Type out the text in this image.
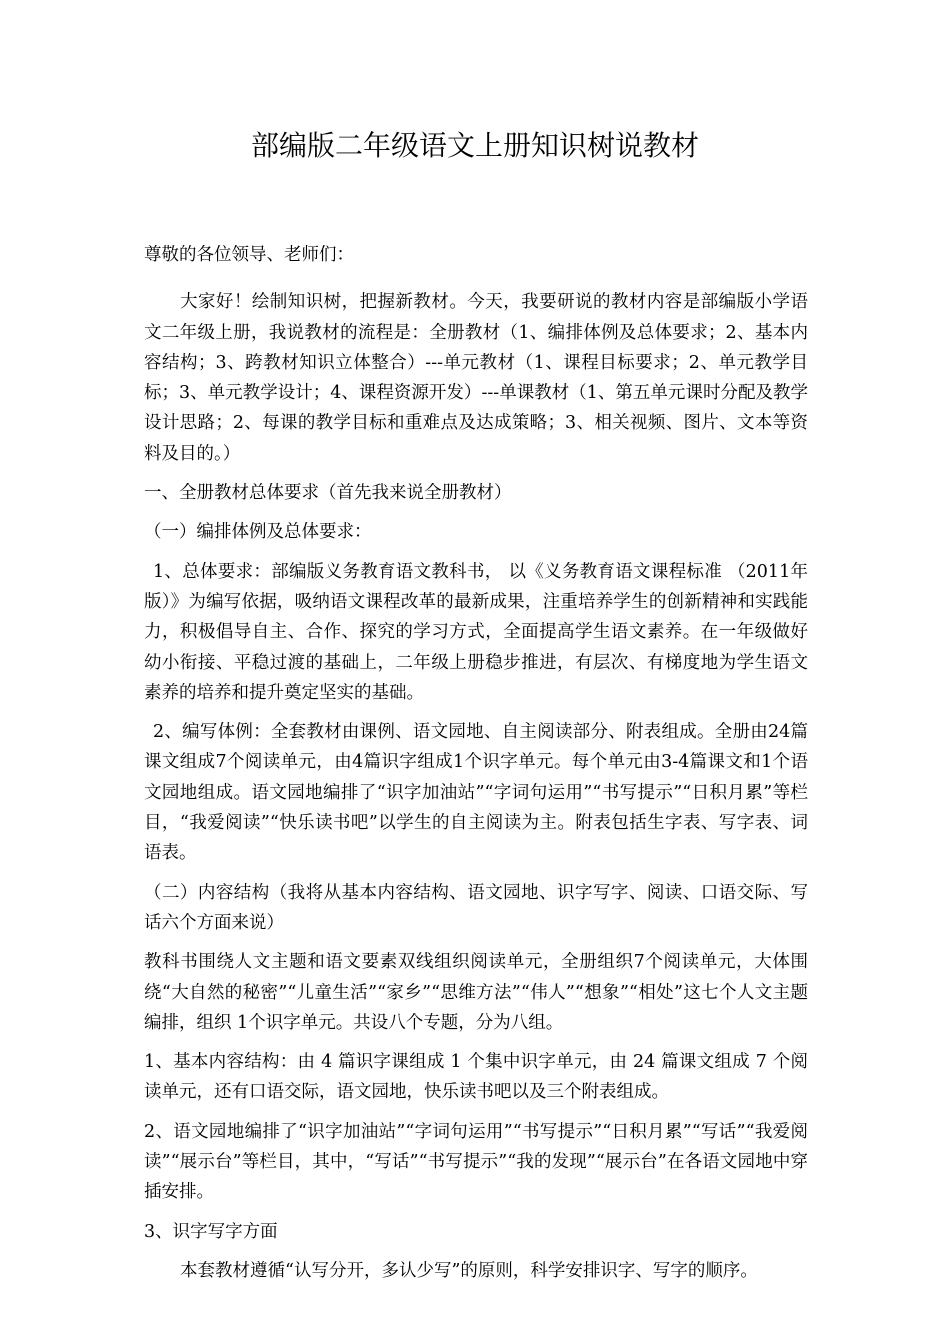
部编版二年级语文上册知识树说教材

尊敬的各位领导、老师们：

大家好！绘制知识树，把握新教材。今天，我要研说的教材内容是部编版小学语文二年级上册，我说教材的流程是：全册教材（1、编排体例及总体要求；2、基本内容结构；3、跨教材知识立体整合）---单元教材（1、课程目标要求；2、单元教学目标；3、单元教学设计；4、课程资源开发）---单课教材（1、第五单元课时分配及教学设计思路；2、每课的教学目标和重难点及达成策略；3、相关视频、图片、文本等资料及目的。）

一、全册教材总体要求（首先我来说全册教材）

（一）编排体例及总体要求：

1、总体要求：部编版义务教育语文教科书， 以《义务教育语文课程标准 （2011年版）》为编写依据，吸纳语文课程改革的最新成果，注重培养学生的创新精神和实践能力，积极倡导自主、合作、探究的学习方式，全面提高学生语文素养。在一年级做好幼小衔接、平稳过渡的基础上，二年级上册稳步推进，有层次、有梯度地为学生语文素养的培养和提升奠定坚实的基础。

2、编写体例：全套教材由课例、语文园地、自主阅读部分、附表组成。全册由24篇课文组成7个阅读单元，由4篇识字组成1个识字单元。每个单元由3-4篇课文和1个语文园地组成。语文园地编排了“识字加油站”“字词句运用”“书写提示”“日积月累”等栏目，“我爱阅读”“快乐读书吧”以学生的自主阅读为主。附表包括生字表、写字表、词语表。

（二）内容结构（我将从基本内容结构、语文园地、识字写字、阅读、口语交际、写话六个方面来说）

教科书围绕人文主题和语文要素双线组织阅读单元，全册组织7个阅读单元，大体围绕“大自然的秘密”“儿童生活”“家乡”“思维方法”“伟人”“想象”“相处”这七个人文主题编排，组织 1个识字单元。共设八个专题，分为八组。

1、基本内容结构：由 4 篇识字课组成 1 个集中识字单元，由 24 篇课文组成 7 个阅读单元，还有口语交际，语文园地，快乐读书吧以及三个附表组成。

2、语文园地编排了“识字加油站”“字词句运用”“书写提示”“日积月累”“写话”“我爱阅读”“展示台”等栏目，其中，“写话”“书写提示”“我的发现”“展示台”在各语文园地中穿插安排。

3、识字写字方面

本套教材遵循“认写分开，多认少写”的原则，科学安排识字、写字的顺序。
